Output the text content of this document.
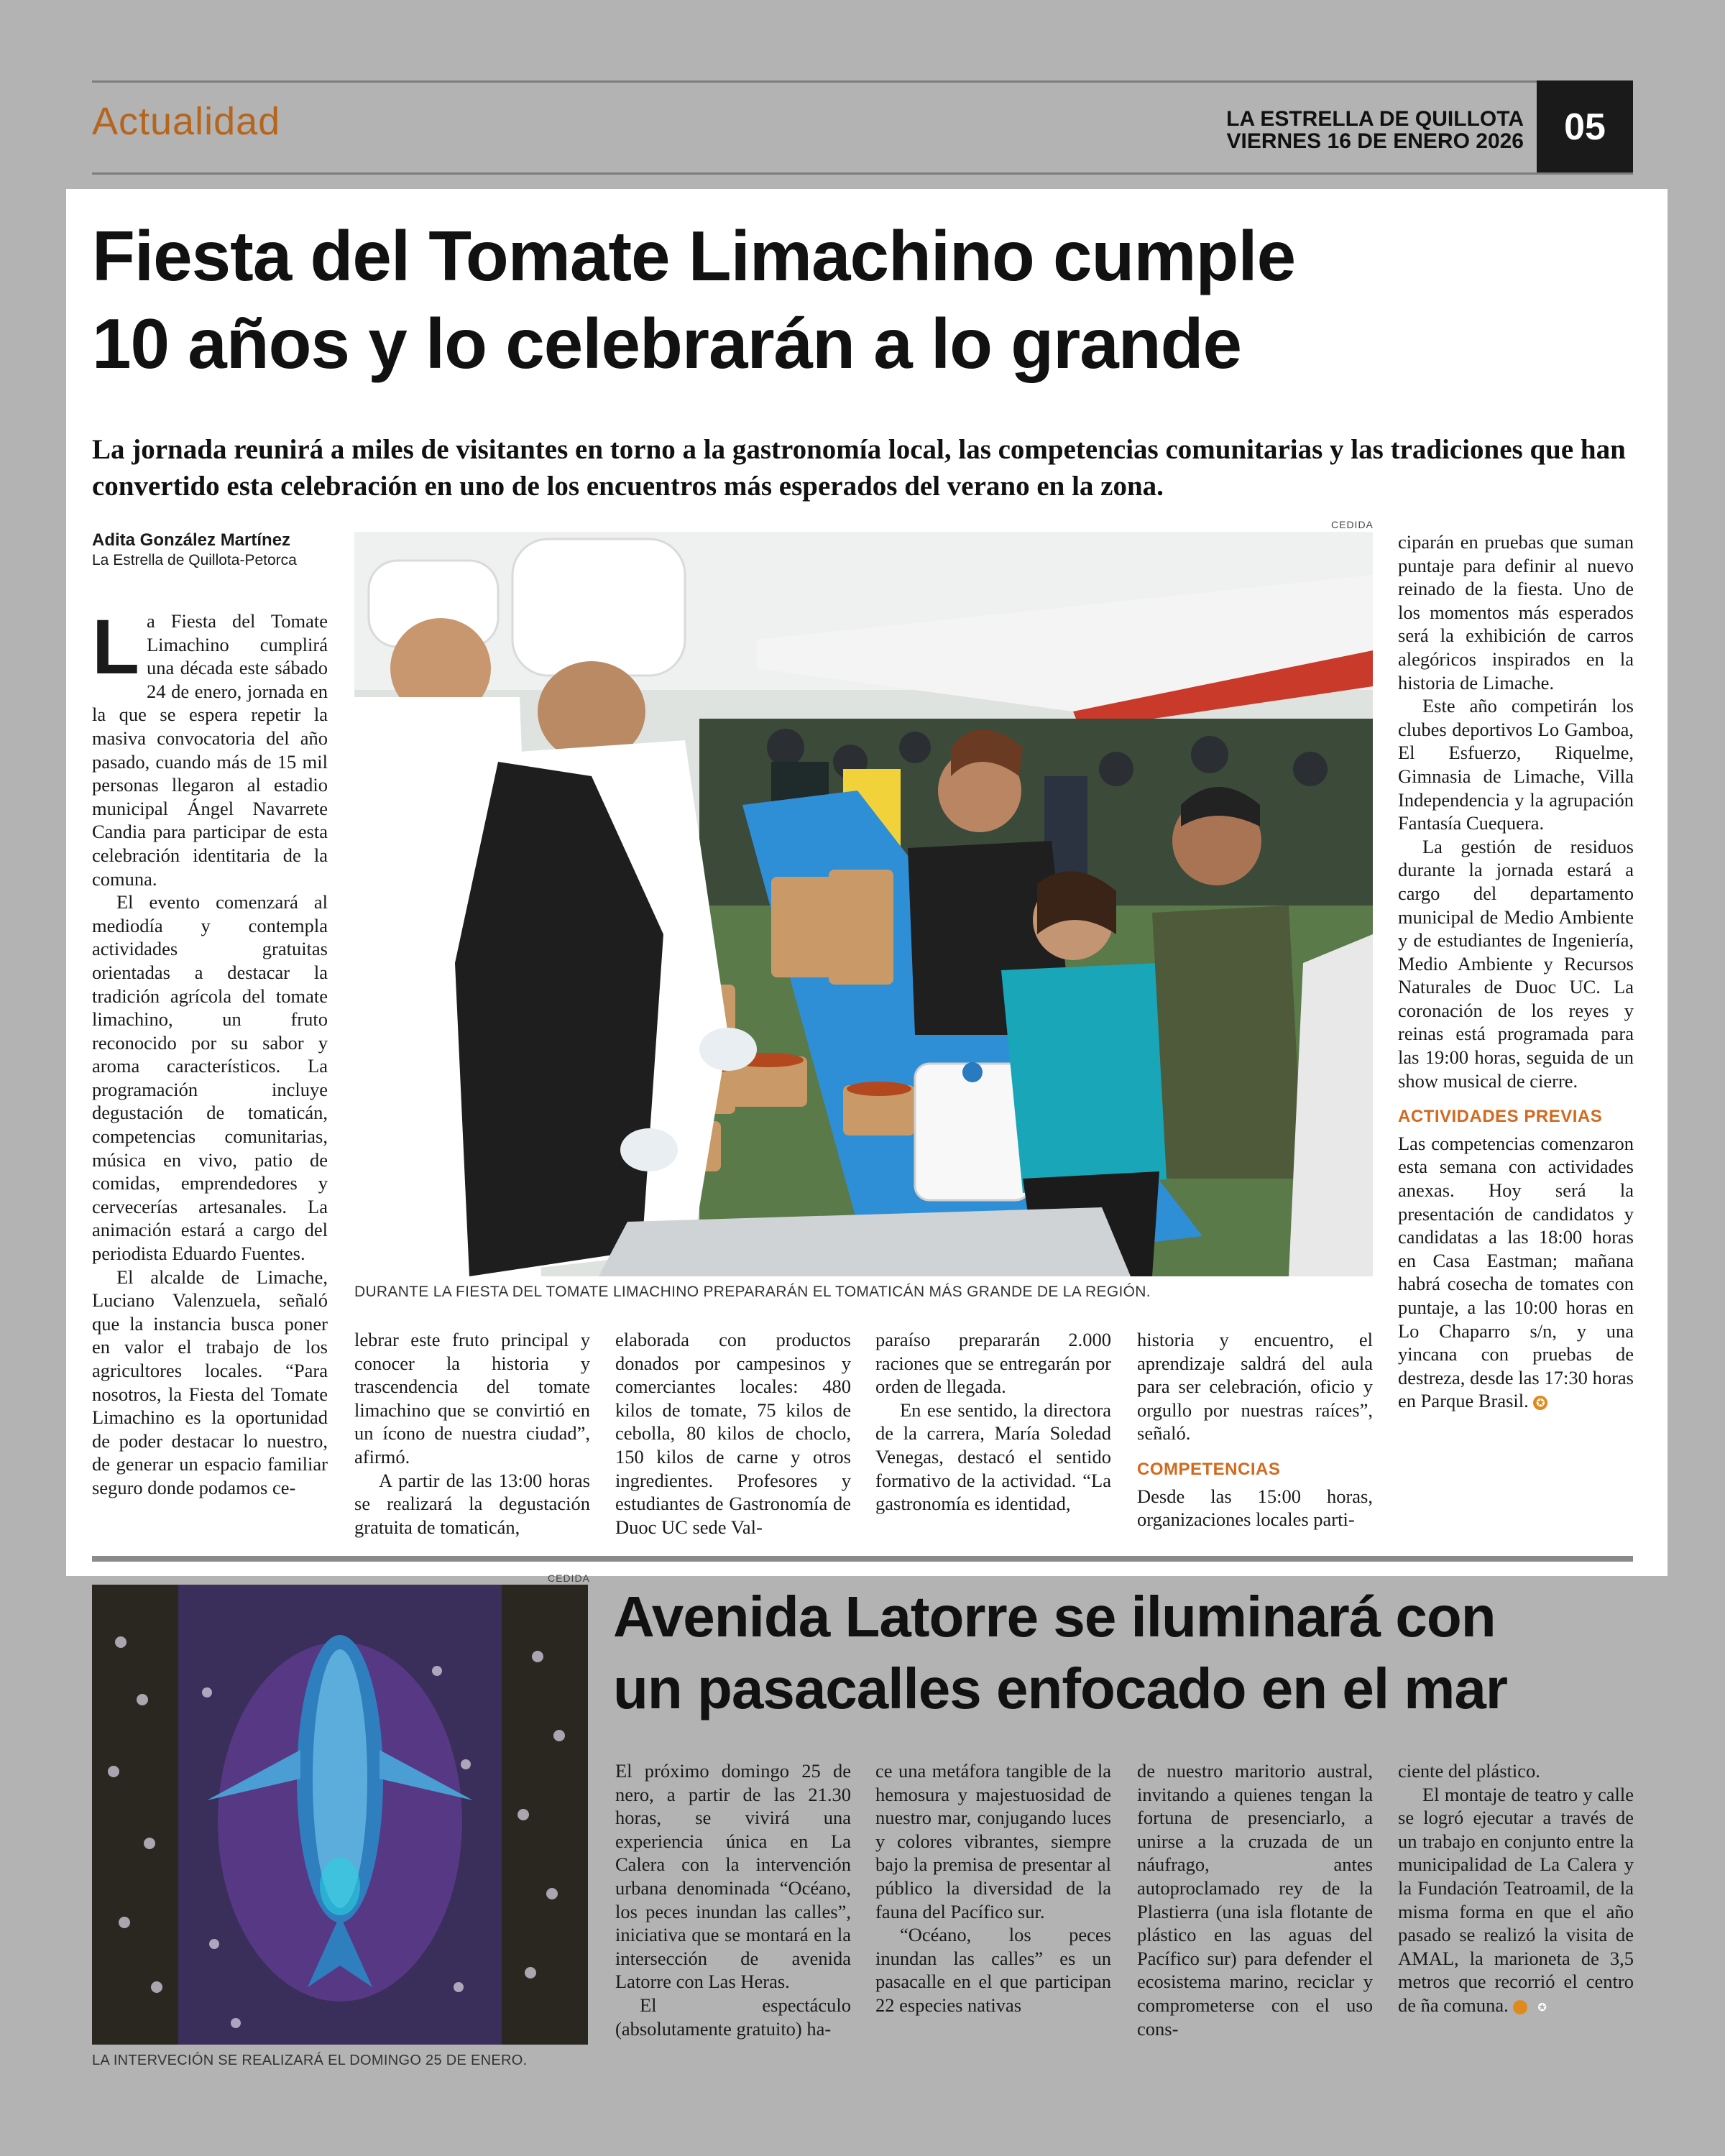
Actualidad	LA ESTRELLA DE QUILLOTA
VIERNES 16 DE ENERO 2026	05
Fiesta del Tomate Limachino cumple
10 años y lo celebrarán a lo grande
La jornada reunirá a miles de visitantes en torno a la gastronomía local, las competencias comunitarias y las tradiciones que han convertido esta celebración en uno de los encuentros más esperados del verano en la zona.
Adita González Martínez
La Estrella de Quillota-Petorca
CEDIDA
DURANTE LA FIESTA DEL TOMATE LIMACHINO PREPARARÁN EL TOMATICÁN MÁS GRANDE DE LA REGIÓN.

La Fiesta del Tomate Limachino cumplirá una década este sábado 24 de enero, jornada en la que se espera repetir la masiva convocatoria del año pasado, cuando más de 15 mil personas llegaron al estadio municipal Ángel Navarrete Candia para participar de esta celebración identitaria de la comuna.

El evento comenzará al mediodía y contempla actividades gratuitas orientadas a destacar la tradición agrícola del tomate limachino, un fruto reconocido por su sabor y aroma característicos. La programación incluye degustación de tomaticán, competencias comunitarias, música en vivo, patio de comidas, emprendedores y cervecerías artesanales. La animación estará a cargo del periodista Eduardo Fuentes.

El alcalde de Limache, Luciano Valenzuela, señaló que la instancia busca poner en valor el trabajo de los agricultores locales. “Para nosotros, la Fiesta del Tomate Limachino es la oportunidad de poder destacar lo nuestro, de generar un espacio familiar seguro donde podamos ce-

lebrar este fruto principal y conocer la historia y trascendencia del tomate limachino que se convirtió en un ícono de nuestra ciudad”, afirmó.

A partir de las 13:00 horas se realizará la degustación gratuita de tomaticán,

elaborada con productos donados por campesinos y comerciantes locales: 480 kilos de tomate, 75 kilos de cebolla, 80 kilos de choclo, 150 kilos de carne y otros ingredientes. Profesores y estudiantes de Gastronomía de Duoc UC sede Val-

paraíso prepararán 2.000 raciones que se entregarán por orden de llegada.

En ese sentido, la directora de la carrera, María Soledad Venegas, destacó el sentido formativo de la actividad. “La gastronomía es identidad,

historia y encuentro, el aprendizaje saldrá del aula para ser celebración, oficio y orgullo por nuestras raíces”, señaló.

COMPETENCIAS

Desde las 15:00 horas, organizaciones locales parti-

ciparán en pruebas que suman puntaje para definir al nuevo reinado de la fiesta. Uno de los momentos más esperados será la exhibición de carros alegóricos inspirados en la historia de Limache.

Este año competirán los clubes deportivos Lo Gamboa, El Esfuerzo, Riquelme, Gimnasia de Limache, Villa Independencia y la agrupación Fantasía Cuequera.

La gestión de residuos durante la jornada estará a cargo del departamento municipal de Medio Ambiente y de estudiantes de Ingeniería, Medio Ambiente y Recursos Naturales de Duoc UC. La coronación de los reyes y reinas está programada para las 19:00 horas, seguida de un show musical de cierre.

ACTIVIDADES PREVIAS

Las competencias comenzaron esta semana con actividades anexas. Hoy será la presentación de candidatos y candidatas a las 18:00 horas en Casa Eastman; mañana habrá cosecha de tomates con puntaje, a las 10:00 horas en Lo Chaparro s/n, y una yincana con pruebas de destreza, desde las 17:30 horas en Parque Brasil. ✪

CEDIDA
LA INTERVECIÓN SE REALIZARÁ EL DOMINGO 25 DE ENERO.
Avenida Latorre se iluminará con
un pasacalles enfocado en el mar

El próximo domingo 25 de nero, a partir de las 21.30 horas, se vivirá una experiencia única en La Calera con la intervención urbana denominada “Océano, los peces inundan las calles”, iniciativa que se montará en la intersección de avenida Latorre con Las Heras.

El espectáculo (absolutamente gratuito) ha-

ce una metáfora tangible de la hemosura y majestuosidad de nuestro mar, conjugando luces y colores vibrantes, siempre bajo la premisa de presentar al público la diversidad de la fauna del Pacífico sur.

“Océano, los peces inundan las calles” es un pasacalle en el que participan 22 especies nativas

de nuestro maritorio austral, invitando a quienes tengan la fortuna de presenciarlo, a unirse a la cruzada de un náufrago, antes autoproclamado rey de la Plastierra (una isla flotante de plástico en las aguas del Pacífico sur) para defender el ecosistema marino, reciclar y comprometerse con el uso cons-

ciente del plástico.

El montaje de teatro y calle se logró ejecutar a través de un trabajo en conjunto entre la municipalidad de La Calera y la Fundación Teatroamil, de la misma forma en que el año pasado se realizó la visita de AMAL, la marioneta de 3,5 metros que recorrió el centro de ña comuna.	✪
